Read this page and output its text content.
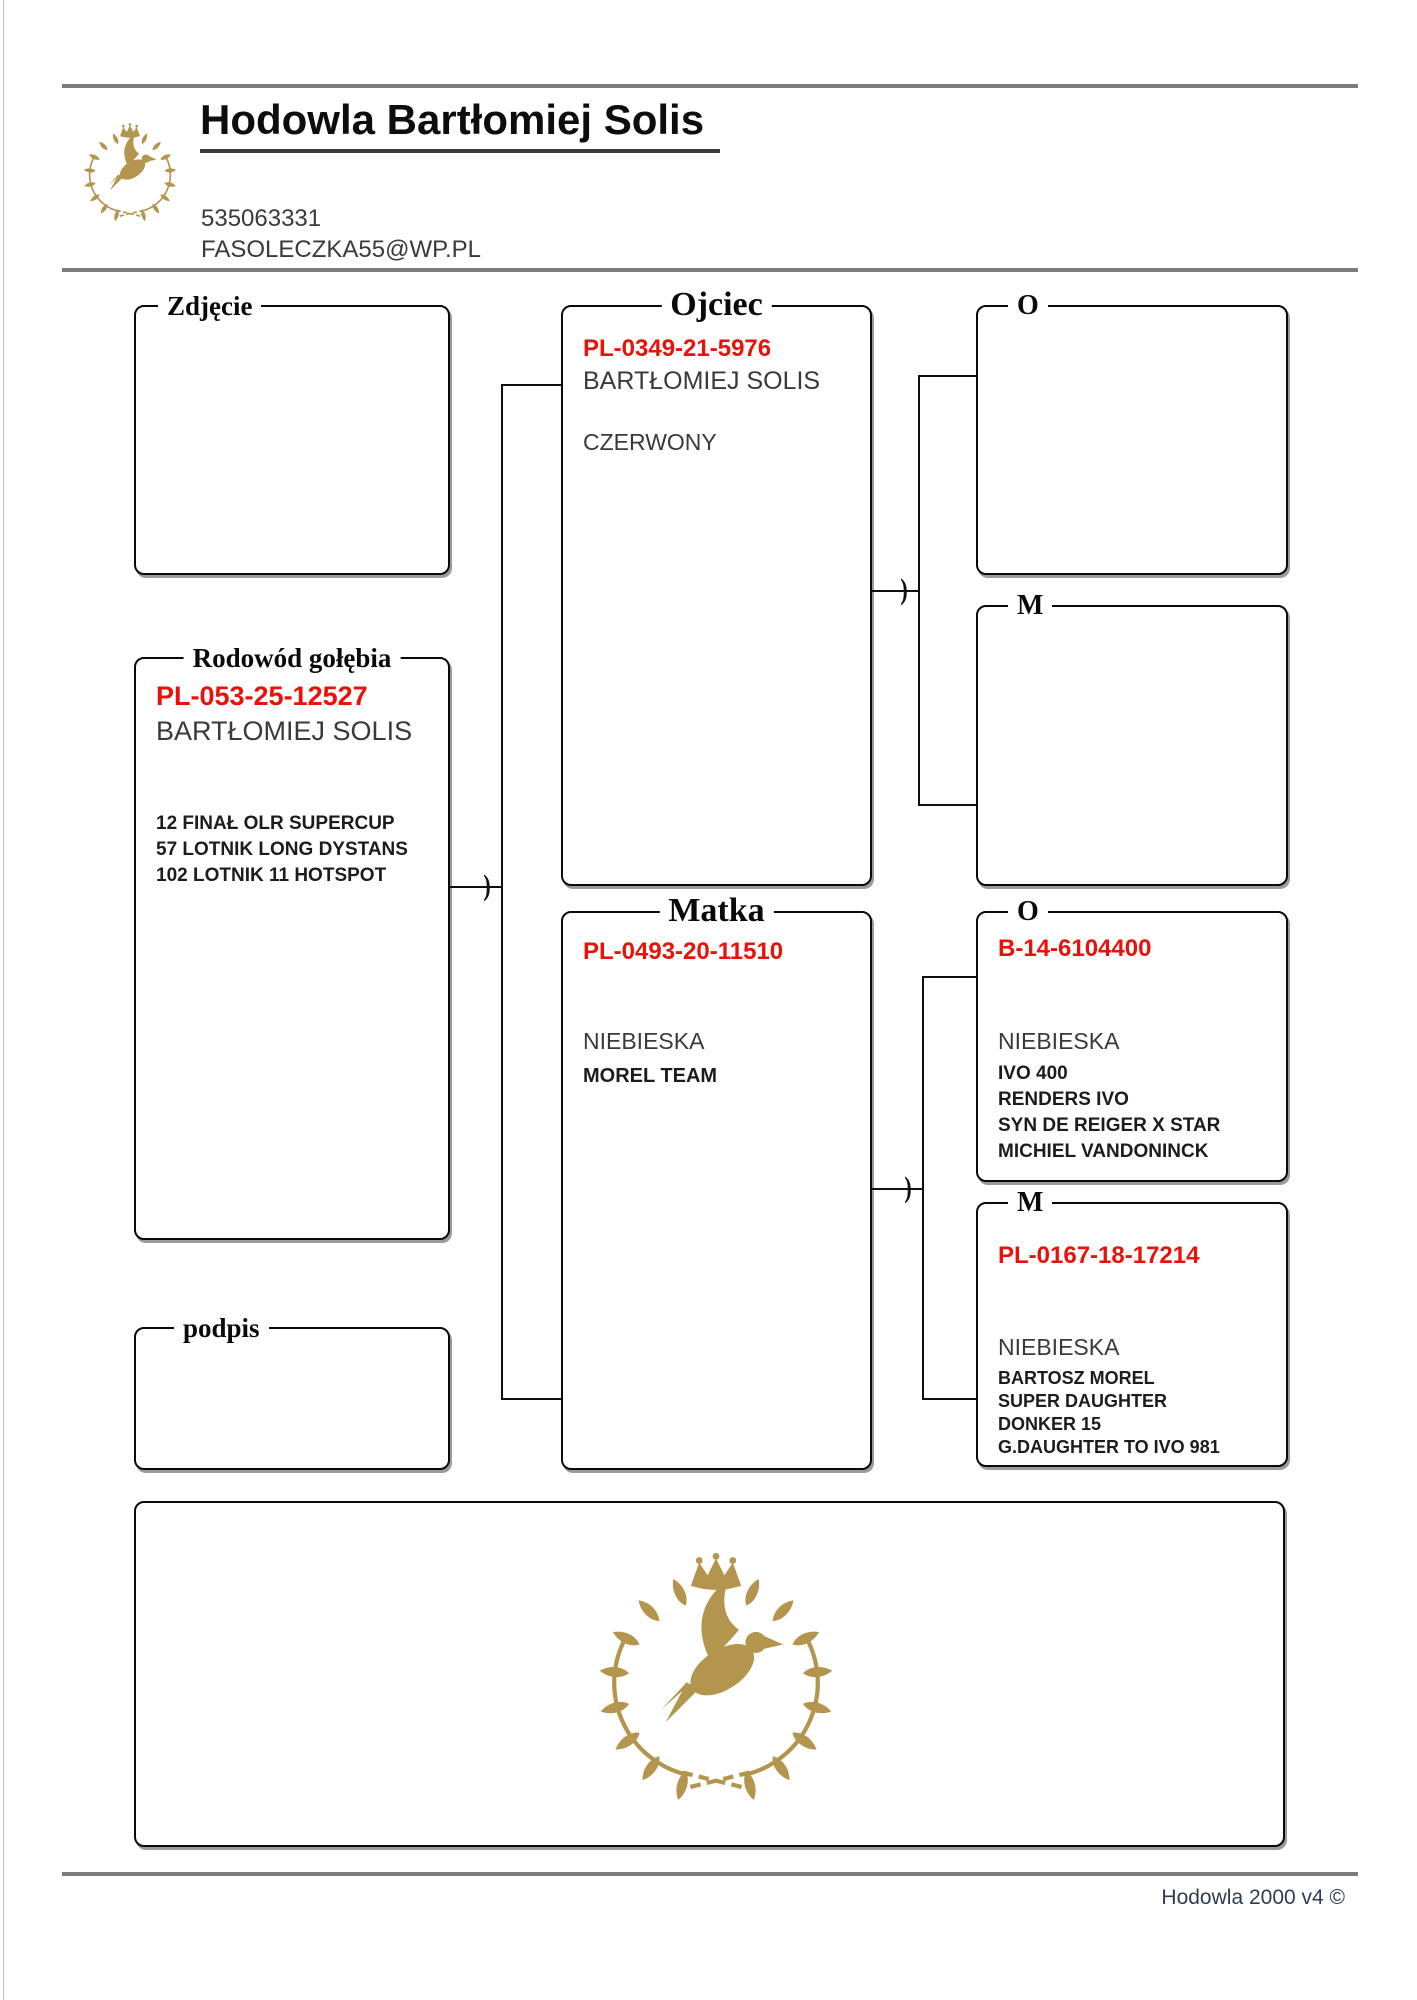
Hodowla Bartłomiej Solis
535063331
FASOLECZKA55@WP.PL
Zdjęcie
Rodowód gołębia
PL-053-25-12527
BARTŁOMIEJ SOLIS
12 FINAŁ OLR SUPERCUP
57 LOTNIK LONG DYSTANS
102 LOTNIK 11 HOTSPOT
podpis
Ojciec
PL-0349-21-5976
BARTŁOMIEJ SOLIS
CZERWONY
Matka
PL-0493-20-11510
NIEBIESKA
MOREL TEAM
O
M
O
B-14-6104400
NIEBIESKA
IVO 400
RENDERS IVO
SYN DE REIGER X STAR
MICHIEL VANDONINCK
M
PL-0167-18-17214
NIEBIESKA
BARTOSZ MOREL
SUPER DAUGHTER
DONKER 15
G.DAUGHTER TO IVO 981
)
)
)
Hodowla 2000 v4 ©
